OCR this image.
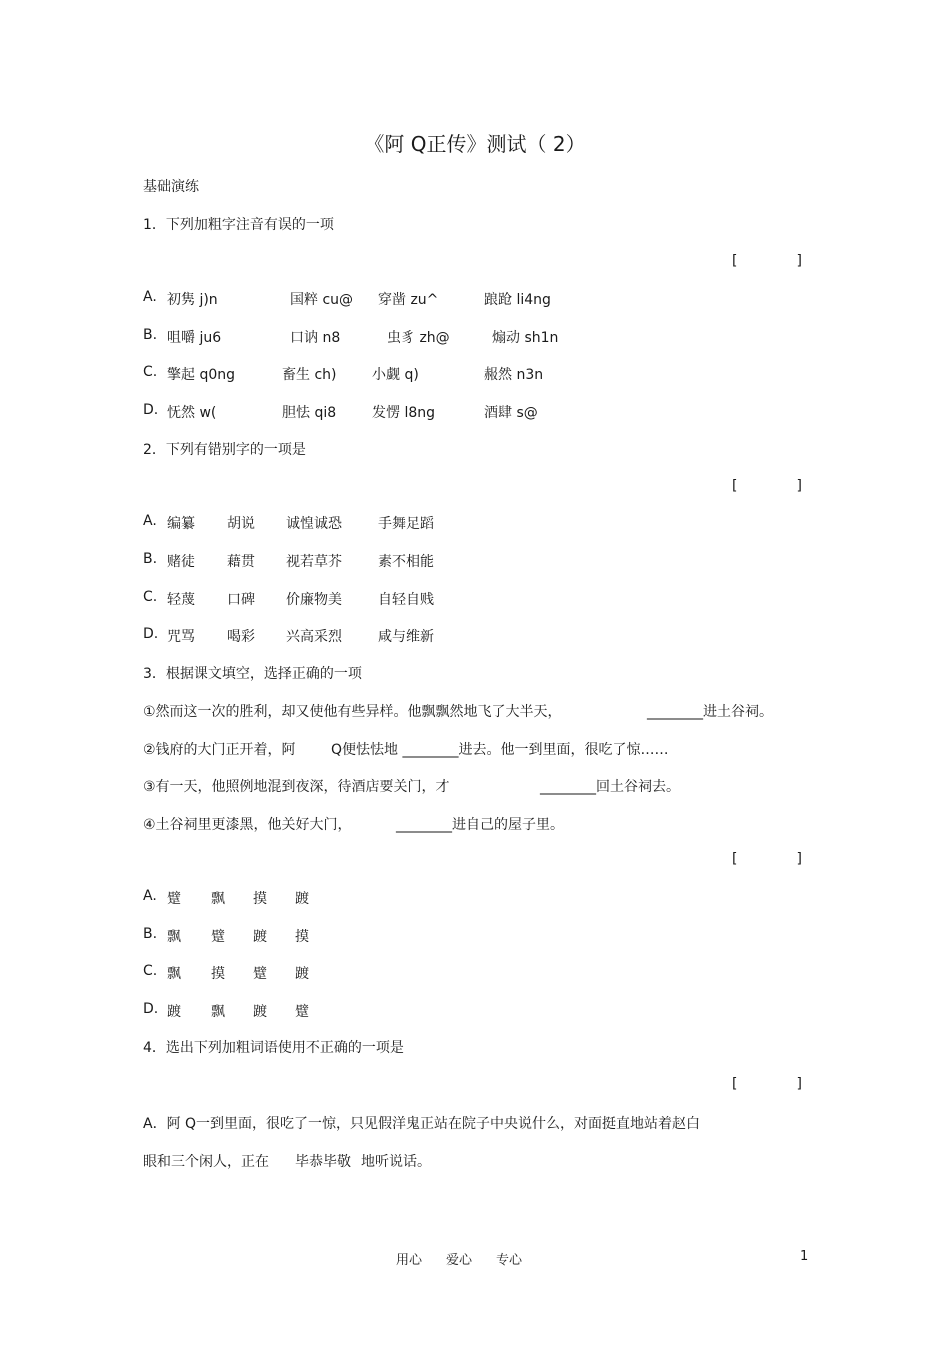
《阿 Q正传》测试（ 2）
基础演练
1．下列加粗字注音有误的一项
[	]
A. 初隽 j)n	国粹 cu@ 穿凿 zu^	踉跄 li4ng
B. 咀嚼 ju6	口讷 n8	虫豸 zh@	煽动 sh1n
C. 擎起 q0ng	畜生 ch)	小觑 q)	赧然 n3n
D. 怃然 w(	胆怯 qi8	发愣 l8ng	酒肆 s@
2．下列有错别字的一项是
[	]
A. 编纂 胡说 诚惶诚恐	手舞足蹈
B. 赌徒 藉贯 视若草芥	素不相能
C. 轻蔑 口碑 价廉物美	自轻自贱
D. 咒骂 喝彩 兴高采烈	咸与维新
3．根据课文填空，选择正确的一项
①然而这一次的胜利，却又使他有些异样。他飘飘然地飞了大半天，	________进土谷祠。
②钱府的大门正开着，阿	Q便怯怯地 ________进去。他一到里面，很吃了惊……
③有一天，他照例地混到夜深，待酒店要关门，才	________回土谷祠去。
④土谷祠里更漆黑，他关好大门，	________进自己的屋子里。
[	]
A. 躄 飘 摸 踱
B. 飘 躄 踱 摸
C. 飘 摸 躄 踱
D. 踱 飘 踱 躄
4．选出下列加粗词语使用不正确的一项是
[	]
A．阿 Q一到里面，很吃了一惊，只见假洋鬼正站在院子中央说什么，对面挺直地站着赵白
眼和三个闲人，正在 毕恭毕敬 地听说话。
用心 爱心 专心	1
